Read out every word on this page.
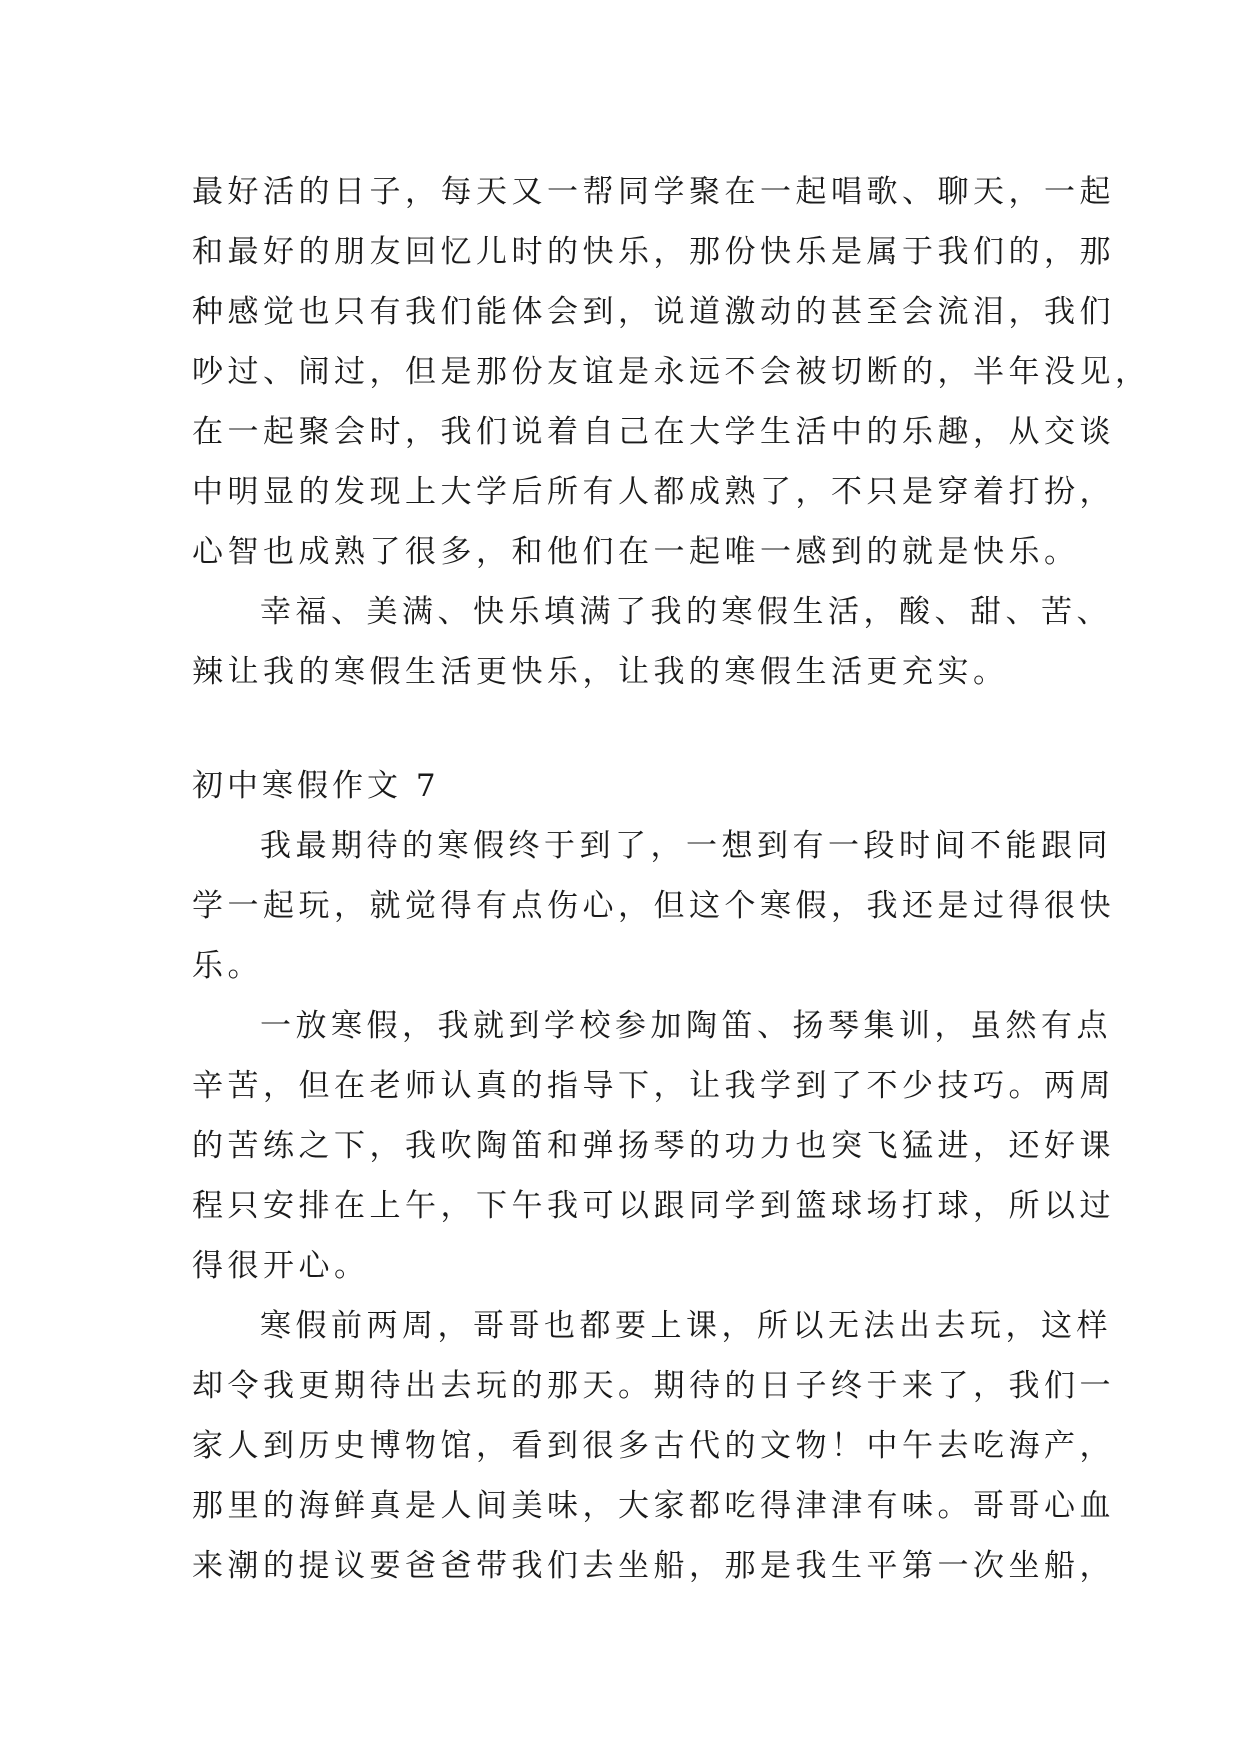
最好活的日子，每天又一帮同学聚在一起唱歌、聊天，一起
和最好的朋友回忆儿时的快乐，那份快乐是属于我们的，那
种感觉也只有我们能体会到，说道激动的甚至会流泪，我们
吵过、闹过，但是那份友谊是永远不会被切断的，半年没见，
在一起聚会时，我们说着自己在大学生活中的乐趣，从交谈
中明显的发现上大学后所有人都成熟了，不只是穿着打扮，
心智也成熟了很多，和他们在一起唯一感到的就是快乐。
幸福、美满、快乐填满了我的寒假生活，酸、甜、苦、
辣让我的寒假生活更快乐，让我的寒假生活更充实。
初中寒假作文 7
我最期待的寒假终于到了，一想到有一段时间不能跟同
学一起玩，就觉得有点伤心，但这个寒假，我还是过得很快
乐。
一放寒假，我就到学校参加陶笛、扬琴集训，虽然有点
辛苦，但在老师认真的指导下，让我学到了不少技巧。两周
的苦练之下，我吹陶笛和弹扬琴的功力也突飞猛进，还好课
程只安排在上午，下午我可以跟同学到篮球场打球，所以过
得很开心。
寒假前两周，哥哥也都要上课，所以无法出去玩，这样
却令我更期待出去玩的那天。期待的日子终于来了，我们一
家人到历史博物馆，看到很多古代的文物！中午去吃海产，
那里的海鲜真是人间美味，大家都吃得津津有味。哥哥心血
来潮的提议要爸爸带我们去坐船，那是我生平第一次坐船，
